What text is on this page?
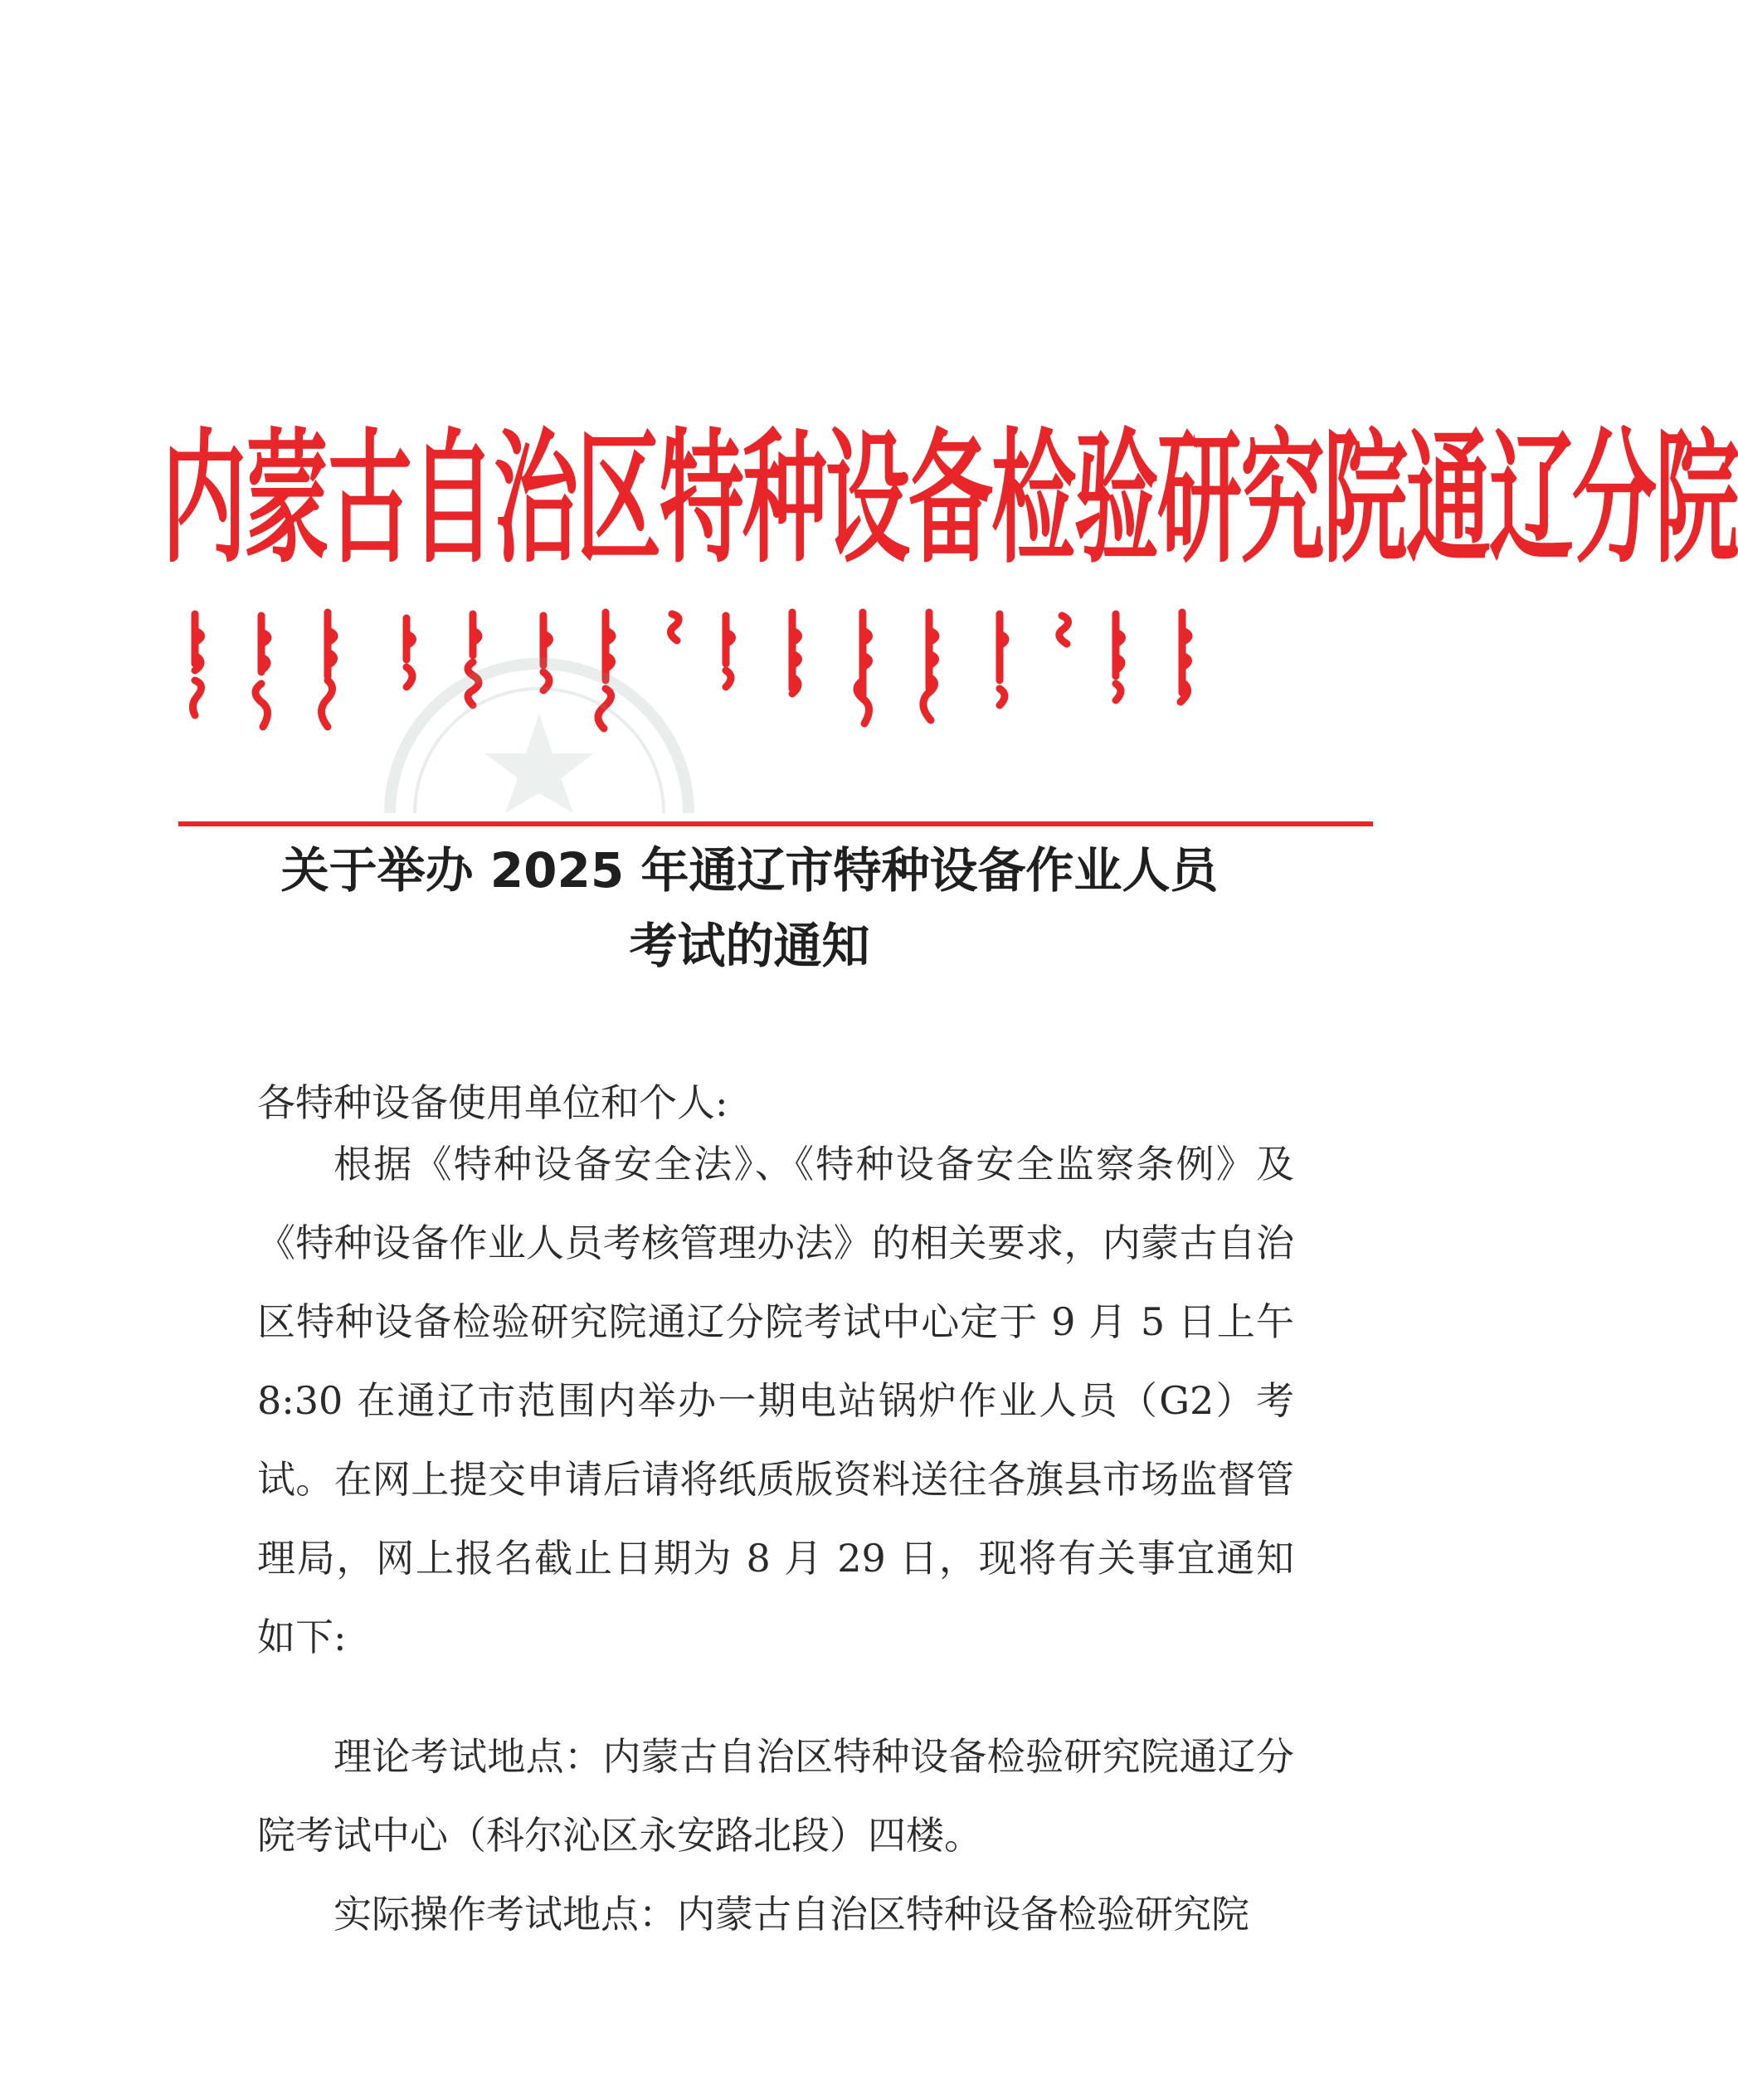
内蒙古自治区特种设备检验研究院通辽分院
关于举办 2025 年通辽市特种设备作业人员
考试的通知
各特种设备使用单位和个人:
根据《特种设备安全法》、《特种设备安全监察条例》及《特种设备作业人员考核管理办法》的相关要求，内蒙古自治区特种设备检验研究院通辽分院考试中心定于 9 月 5 日上午 8:30 在通辽市范围内举办一期电站锅炉作业人员（G2）考试。在网上提交申请后请将纸质版资料送往各旗县市场监督管理局，网上报名截止日期为 8 月 29 日，现将有关事宜通知如下:
理论考试地点：内蒙古自治区特种设备检验研究院通辽分院考试中心（科尔沁区永安路北段）四楼。
实际操作考试地点：内蒙古自治区特种设备检验研究院
